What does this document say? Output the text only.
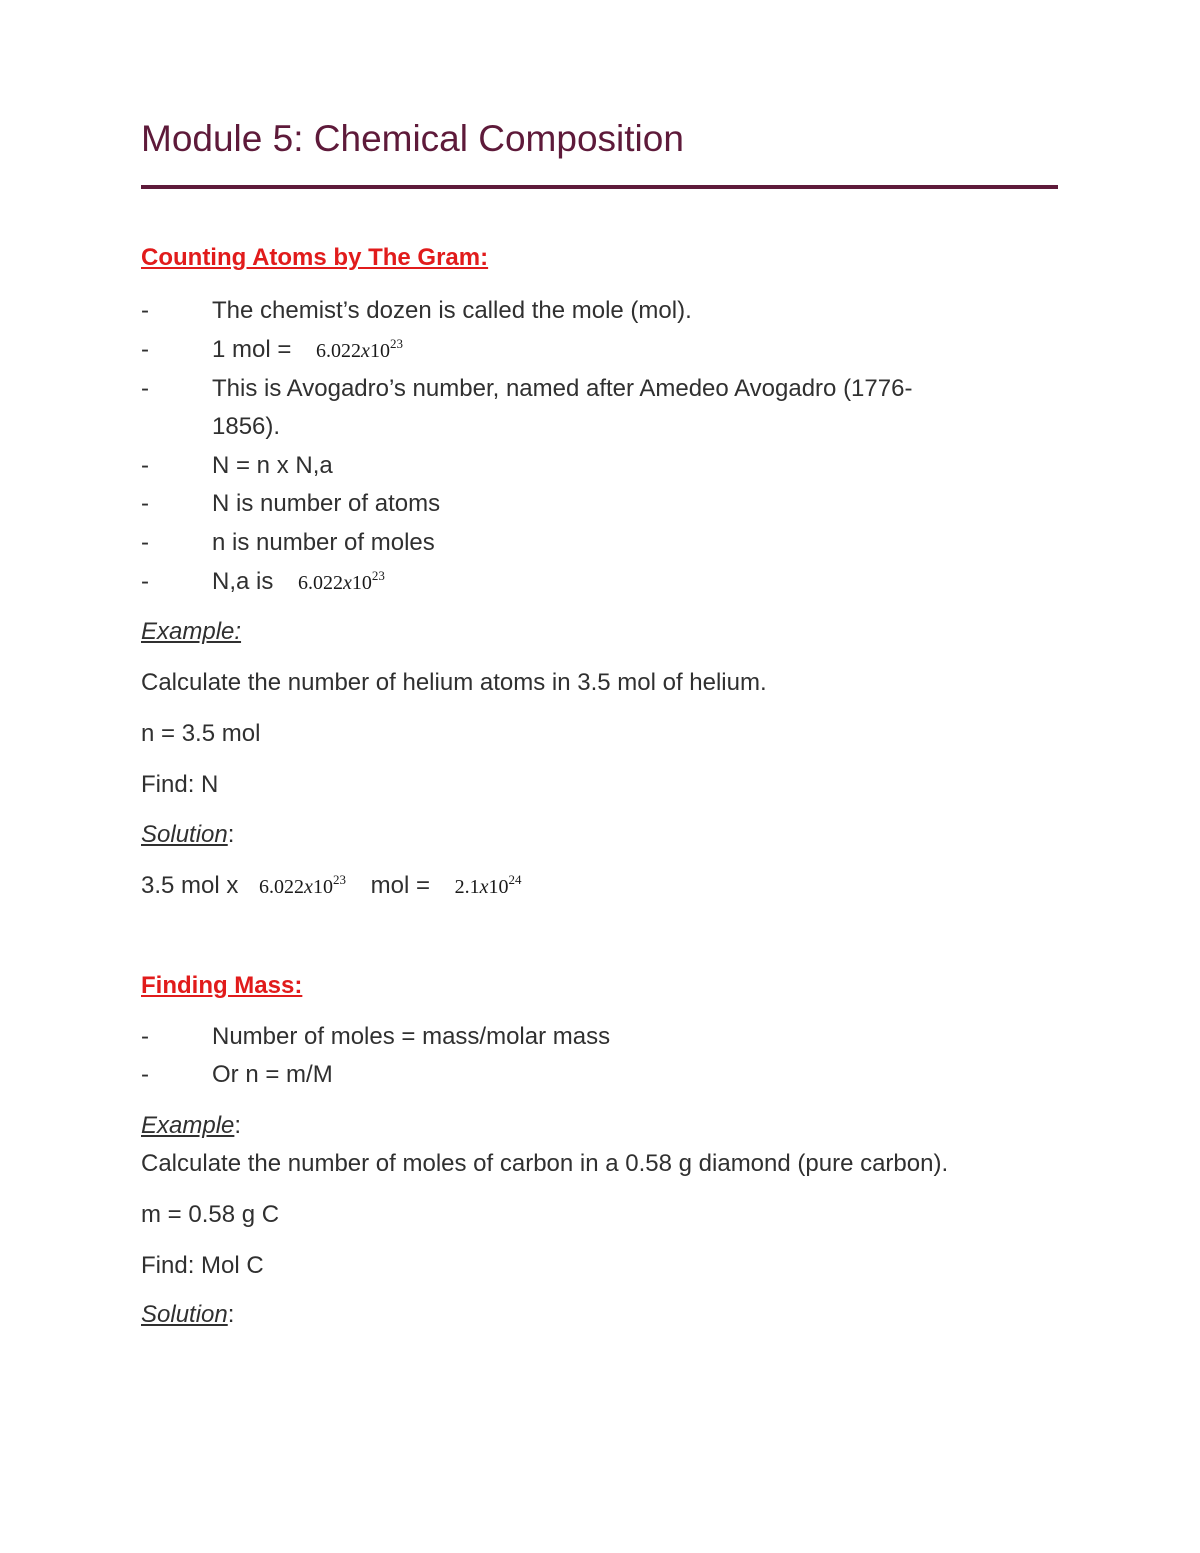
Module 5: Chemical Composition
Counting Atoms by The Gram:
-	The chemist’s dozen is called the mole (mol).
-	1 mol = $6.022x10^{23}$
-	This is Avogadro’s number, named after Amedeo Avogadro (1776-
1856).
-	N = n x N,a
-	N is number of atoms
-	n is number of moles
-	N,a is $6.022x10^{23}$
Example:
Calculate the number of helium atoms in 3.5 mol of helium.
n = 3.5 mol
Find: N
Solution:
3.5 mol x $6.022x10^{23}$ mol = $2.1x10^{24}$
Finding Mass:
-	Number of moles = mass/molar mass
-	Or n = m/M
Example:
Calculate the number of moles of carbon in a 0.58 g diamond (pure carbon).
m = 0.58 g C
Find: Mol C
Solution:
